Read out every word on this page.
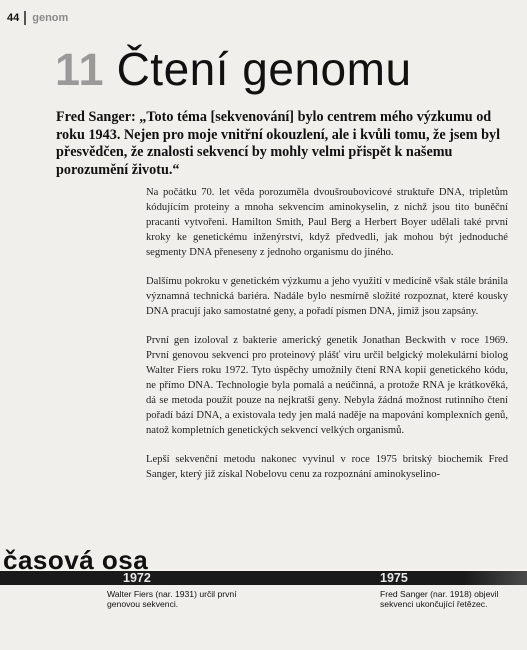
44 genom
11 Čtení genomu
Fred Sanger: „Toto téma [sekvenování] bylo centrem mého výzkumu od roku 1943. Nejen pro moje vnitřní okouzlení, ale i kvůli tomu, že jsem byl přesvědčen, že znalosti sekvencí by mohly velmi přispět k našemu porozumění životu.“

Na počátku 70. let věda porozuměla dvoušroubovicové struktuře DNA, tripletům kódujícím proteiny a mnoha sekvencím aminokyselin, z nichž jsou tito buněční pracanti vytvořeni. Hamilton Smith, Paul Berg a Herbert Boyer udělali také první kroky ke genetickému inženýrství, když předvedli, jak mohou být jednoduché segmenty DNA přeneseny z jednoho organismu do jiného.

Dalšímu pokroku v genetickém výzkumu a jeho využití v medicíně však stále bránila významná technická bariéra. Nadále bylo nesmírně složité rozpoznat, které kousky DNA pracují jako samostatné geny, a pořadí písmen DNA, jimiž jsou zapsány.

První gen izoloval z bakterie americký genetik Jonathan Beckwith v roce 1969. První genovou sekvenci pro proteinový plášť viru určil belgický molekulární biolog Walter Fiers roku 1972. Tyto úspěchy umožnily čtení RNA kopií genetického kódu, ne přímo DNA. Technologie byla pomalá a neúčinná, a protože RNA je krátkověká, dá se metoda použít pouze na nejkratší geny. Nebyla žádná možnost rutinního čtení pořadí bází DNA, a existovala tedy jen malá naděje na mapování komplexních genů, natož kompletních genetických sekvencí velkých organismů.

Lepší sekvenční metodu nakonec vyvinul v roce 1975 britský biochemik Fred Sanger, který již získal Nobelovu cenu za rozpoznání aminokyselino-

časová osa
1972	1975
Walter Fiers (nar. 1931) určil první genovou sekvenci.
Fred Sanger (nar. 1918) objevil sekvenci ukončující řetězec.
